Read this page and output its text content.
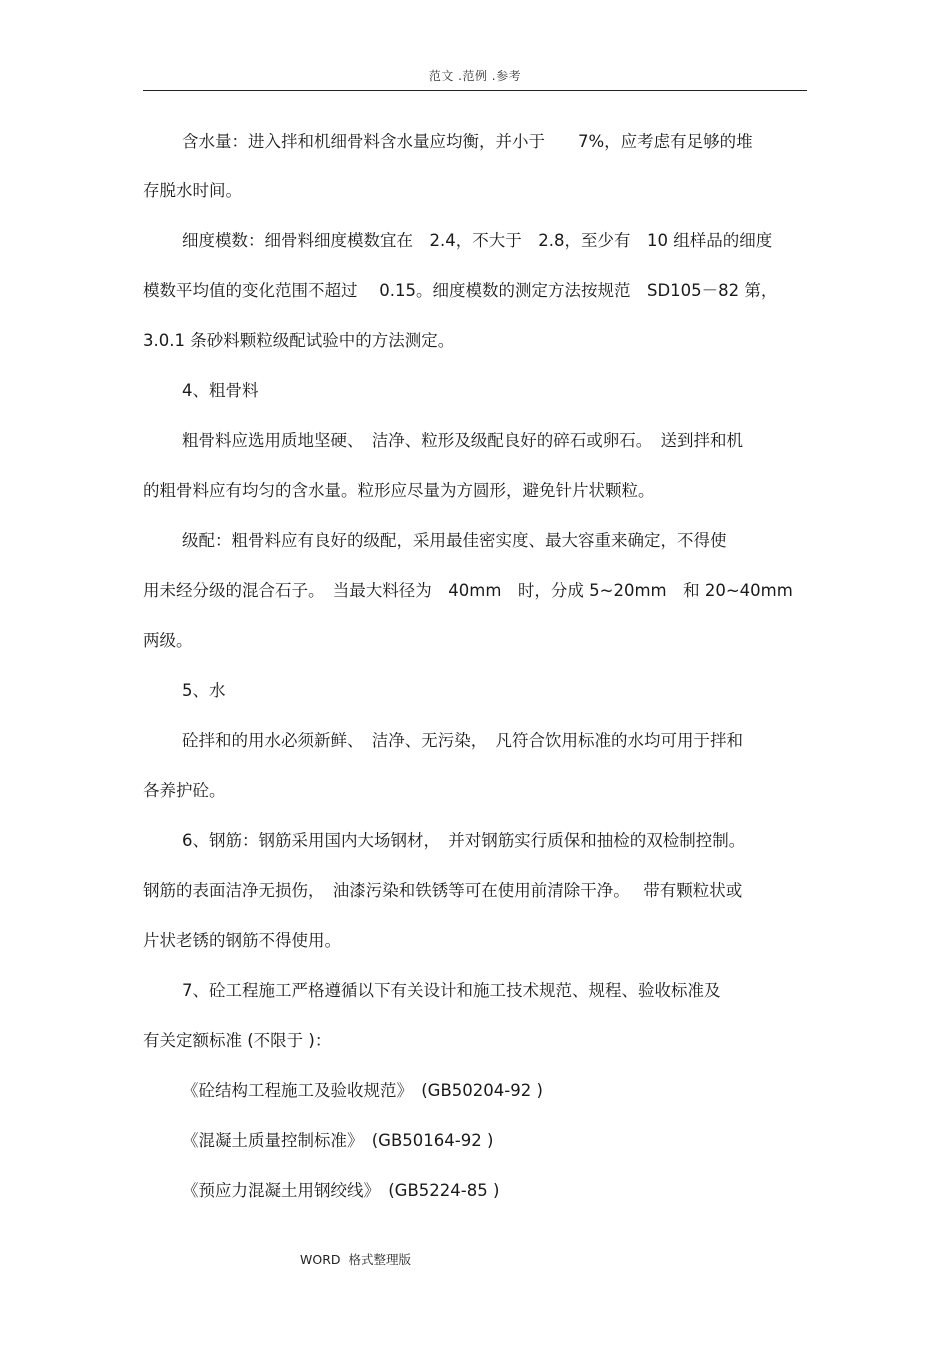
范文 .范例 .参考
含水量：进入拌和机细骨料含水量应均衡，并小于　　7%，应考虑有足够的堆
存脱水时间。
细度模数：细骨料细度模数宜在　2.4，不大于　2.8，至少有　10 组样品的细度
模数平均值的变化范围不超过　 0.15。细度模数的测定方法按规范　SD105－82 第，
3.0.1 条砂料颗粒级配试验中的方法测定。
4、粗骨料
粗骨料应选用质地坚硬、　洁净、粒形及级配良好的碎石或卵石。　送到拌和机
的粗骨料应有均匀的含水量。粒形应尽量为方圆形，避免针片状颗粒。
级配：粗骨料应有良好的级配，采用最佳密实度、最大容重来确定，不得使
用未经分级的混合石子。　当最大料径为　40mm　时，分成 5~20mm　和 20~40mm
两级。
5、水
砼拌和的用水必须新鲜、　洁净、无污染，　凡符合饮用标准的水均可用于拌和
各养护砼。
6、钢筋：钢筋采用国内大场钢材，　并对钢筋实行质保和抽检的双检制控制。
钢筋的表面洁净无损伤，　油漆污染和铁锈等可在使用前清除干净。　 带有颗粒状或
片状老锈的钢筋不得使用。
7、砼工程施工严格遵循以下有关设计和施工技术规范、规程、验收标准及
有关定额标准 (不限于 )：
《砼结构工程施工及验收规范》　(GB50204-92 )
《混凝土质量控制标准》　(GB50164-92 )
《预应力混凝土用钢绞线》　(GB5224-85 )
WORD  格式整理版
